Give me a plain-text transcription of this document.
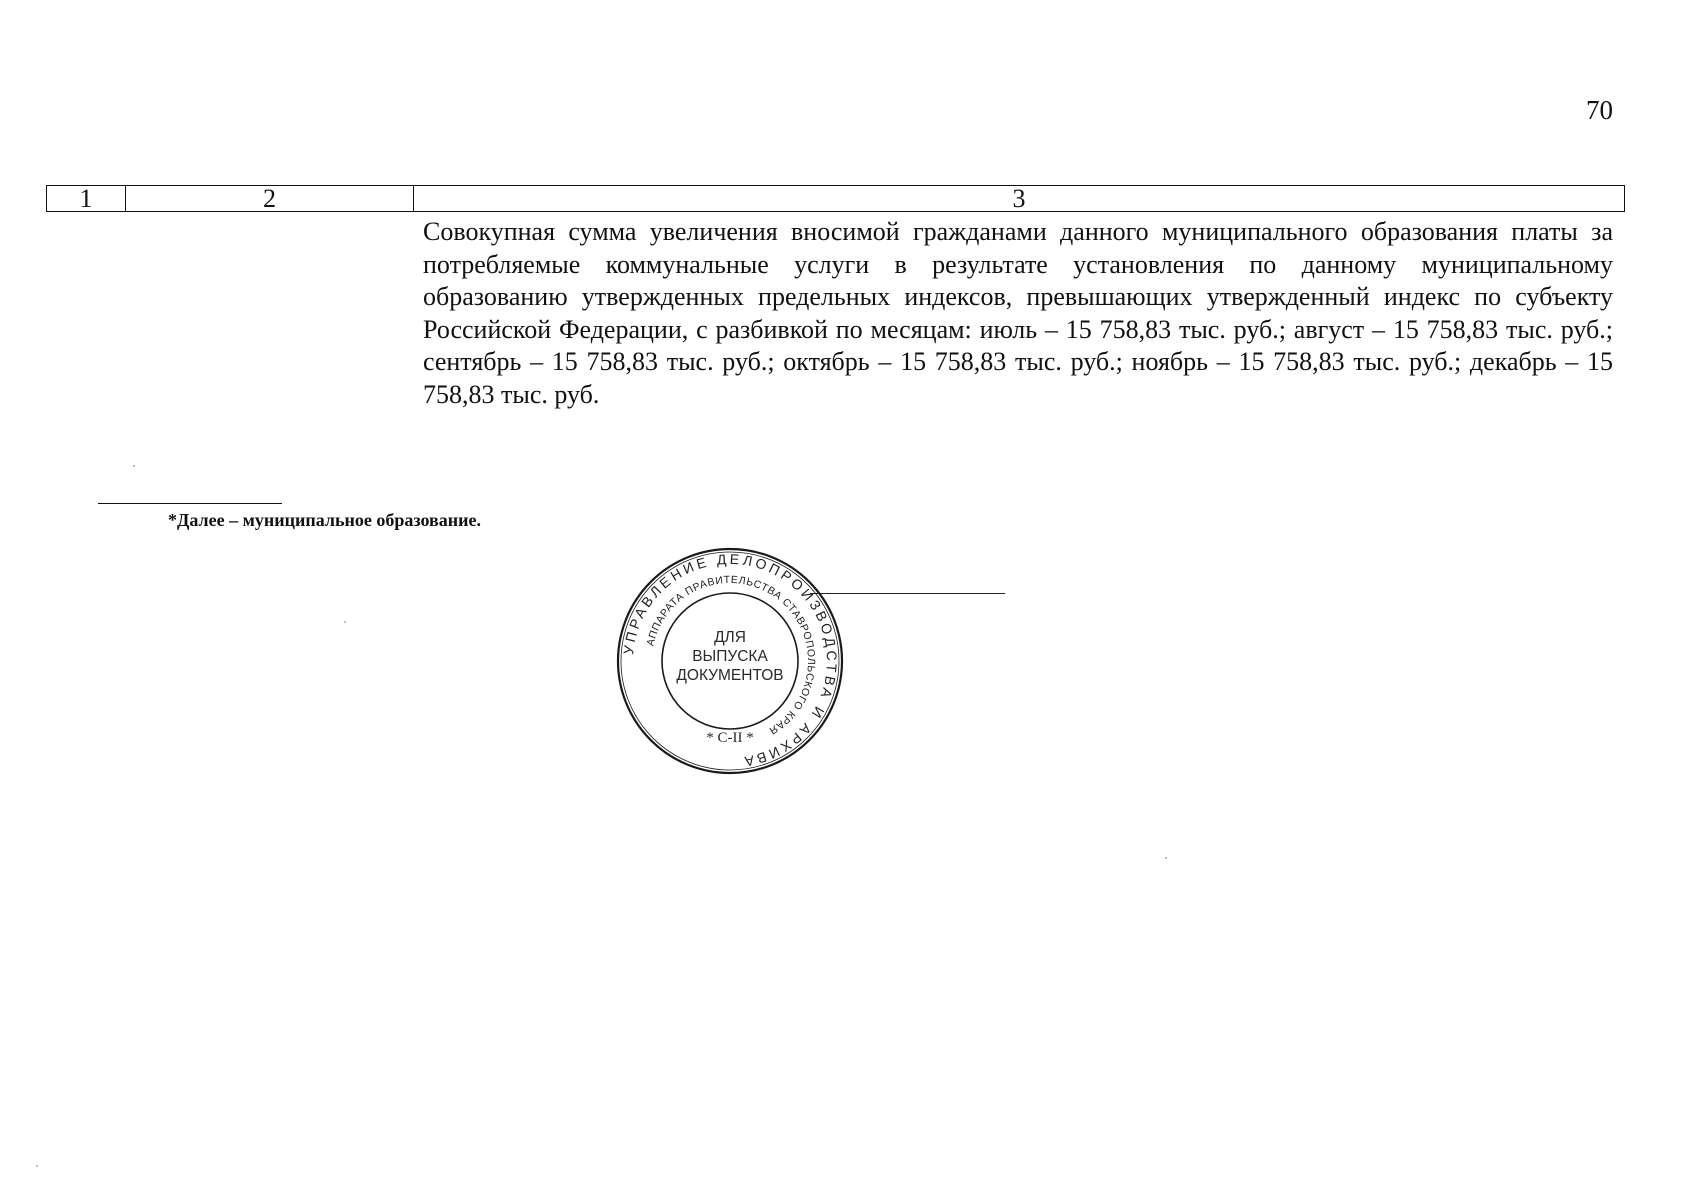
70
1	2	3

Совокупная сумма увеличения вносимой гражданами данного муниципального образования платы за потребляемые коммунальные услуги в результате установления по данному муниципальному образованию утвержденных предельных индексов, превышающих утвержденный индекс по субъекту Российской Федерации, с разбивкой по месяцам: июль – 15 758,83 тыс. руб.; август – 15 758,83 тыс. руб.; сентябрь – 15 758,83 тыс. руб.; октябрь – 15 758,83 тыс. руб.; ноябрь – 15 758,83 тыс. руб.; декабрь – 15 758,83 тыс. руб.

*Далее – муниципальное образование.
УПРАВЛЕНИЕ ДЕЛОПРОИЗВОДСТВА И АРХИВА
АППАРАТА ПРАВИТЕЛЬСТВА СТАВРОПОЛЬСКОГО КРАЯ
ДЛЯ
ВЫПУСКА
ДОКУМЕНТОВ
* С-II *
